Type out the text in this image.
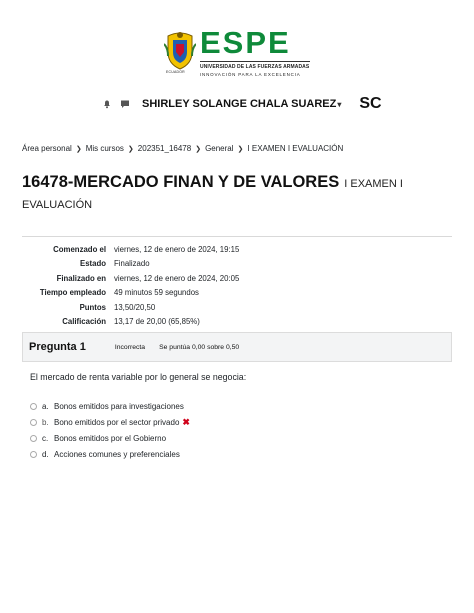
ECUADOR
ESPE
UNIVERSIDAD DE LAS FUERZAS ARMADAS
INNOVACIÓN PARA LA EXCELENCIA
SHIRLEY SOLANGE CHALA SUAREZ▾ SC
Área personal ❯ Mis cursos ❯ 202351_16478 ❯ General ❯ I EXAMEN I EVALUACIÓN
16478-MERCADO FINAN Y DE VALORES I EXAMEN I
EVALUACIÓN
Comenzado el viernes, 12 de enero de 2024, 19:15
Estado Finalizado
Finalizado en viernes, 12 de enero de 2024, 20:05
Tiempo empleado 49 minutos 59 segundos
Puntos 13,50/20,50
Calificación 13,17 de 20,00 (65,85%)
Pregunta 1	Incorrecta Se puntúa 0,00 sobre 0,50
El mercado de renta variable por lo general se negocia:
a. Bonos emitidos para investigaciones
b. Bono emitidos por el sector privado ✖
c. Bonos emitidos por el Gobierno
d. Acciones comunes y preferenciales
